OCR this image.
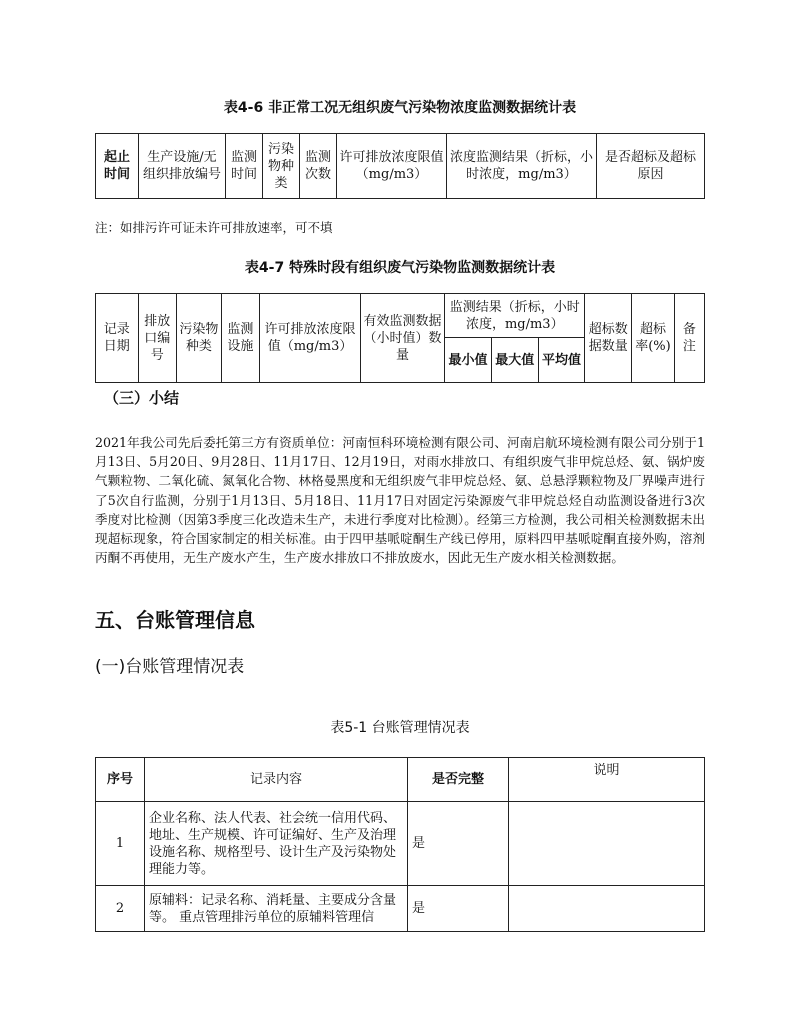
表4-6 非正常工况无组织废气污染物浓度监测数据统计表
起止时间	生产设施/无组织排放编号	监测时间	污染物种类	监测次数	许可排放浓度限值（mg/m3）	浓度监测结果（折标，小时浓度，mg/m3）	是否超标及超标原因
注：如排污许可证未许可排放速率，可不填
表4-7 特殊时段有组织废气污染物监测数据统计表
记录日期	排放口编号	污染物种类	监测设施	许可排放浓度限值（mg/m3）	有效监测数据（小时值）数量	监测结果（折标，小时浓度，mg/m3）			超标数据数量	超标率(%)	备注
						最小值	最大值	平均值			
（三）小结
2021年我公司先后委托第三方有资质单位：河南恒科环境检测有限公司、河南启航环境检测有限公司分别于1月13日、5月20日、9月28日、11月17日、12月19日，对雨水排放口、有组织废气非甲烷总烃、氨、锅炉废气颗粒物、二氧化硫、氮氧化合物、林格曼黑度和无组织废气非甲烷总烃、氨、总悬浮颗粒物及厂界噪声进行了5次自行监测，分别于1月13日、5月18日、11月17日对固定污染源废气非甲烷总烃自动监测设备进行3次季度对比检测（因第3季度三化改造未生产，未进行季度对比检测）。经第三方检测，我公司相关检测数据未出现超标现象，符合国家制定的相关标准。由于四甲基哌啶酮生产线已停用，原料四甲基哌啶酮直接外购，溶剂丙酮不再使用，无生产废水产生，生产废水排放口不排放废水，因此无生产废水相关检测数据。
五、台账管理信息
(一)台账管理情况表
表5-1 台账管理情况表
序号	记录内容	是否完整	说明
1	企业名称、法人代表、社会统一信用代码、地址、生产规模、许可证编好、生产及治理设施名称、规格型号、设计生产及污染物处理能力等。	是	
2	原辅料：记录名称、消耗量、主要成分含量等。 重点管理排污单位的原辅料管理信	是	
